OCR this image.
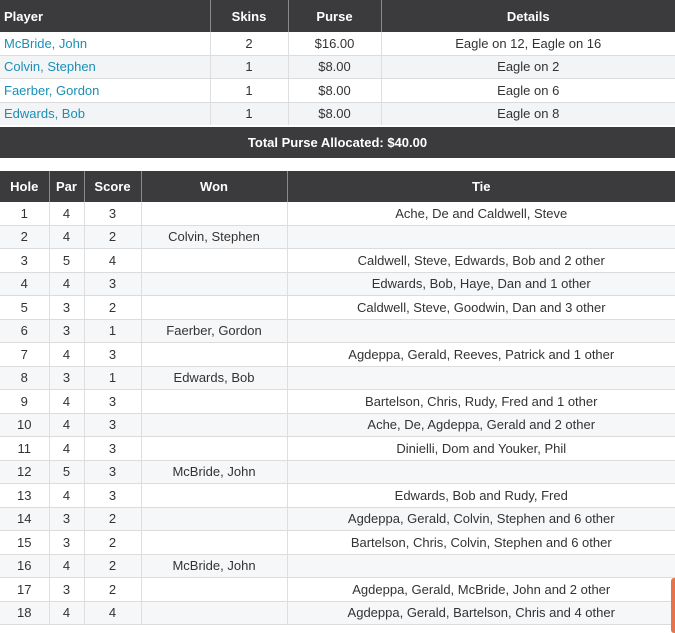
Player	Skins	Purse	Details
McBride, John	2	$16.00	Eagle on 12, Eagle on 16
Colvin, Stephen	1	$8.00	Eagle on 2
Faerber, Gordon	1	$8.00	Eagle on 6
Edwards, Bob	1	$8.00	Eagle on 8
Total Purse Allocated: $40.00			
Hole	Par	Score	Won	Tie
1	4	3		Ache, De and Caldwell, Steve
2	4	2	Colvin, Stephen	
3	5	4		Caldwell, Steve, Edwards, Bob and 2 other
4	4	3		Edwards, Bob, Haye, Dan and 1 other
5	3	2		Caldwell, Steve, Goodwin, Dan and 3 other
6	3	1	Faerber, Gordon	
7	4	3		Agdeppa, Gerald, Reeves, Patrick and 1 other
8	3	1	Edwards, Bob	
9	4	3		Bartelson, Chris, Rudy, Fred and 1 other
10	4	3		Ache, De, Agdeppa, Gerald and 2 other
11	4	3		Dinielli, Dom and Youker, Phil
12	5	3	McBride, John	
13	4	3		Edwards, Bob and Rudy, Fred
14	3	2		Agdeppa, Gerald, Colvin, Stephen and 6 other
15	3	2		Bartelson, Chris, Colvin, Stephen and 6 other
16	4	2	McBride, John	
17	3	2		Agdeppa, Gerald, McBride, John and 2 other
18	4	4		Agdeppa, Gerald, Bartelson, Chris and 4 other
